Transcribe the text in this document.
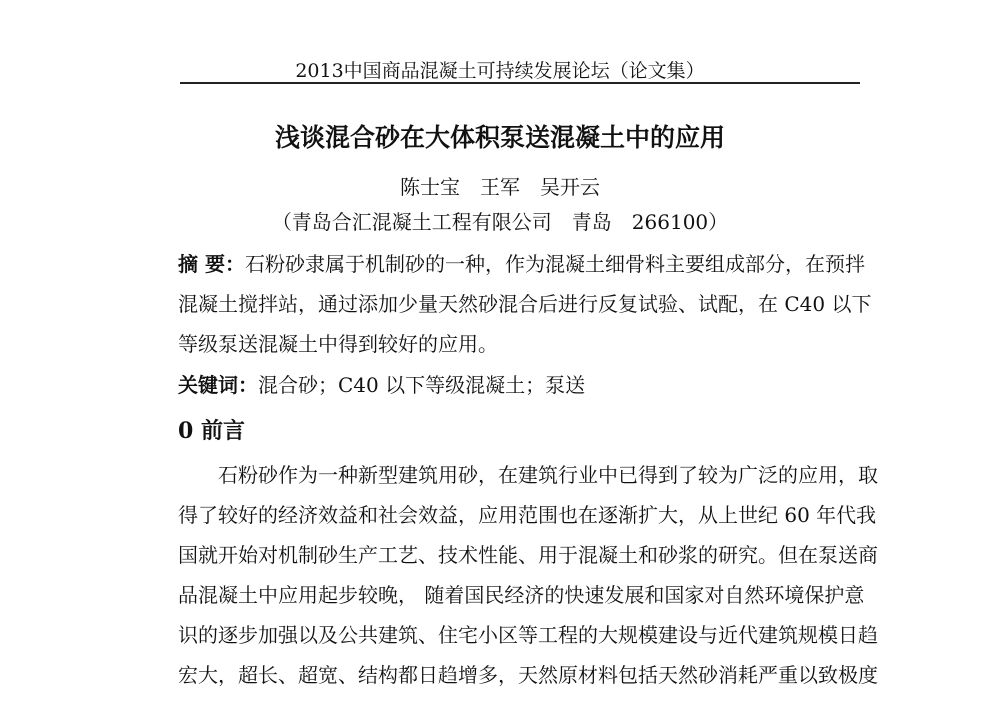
2013中国商品混凝土可持续发展论坛（论文集）
浅谈混合砂在大体积泵送混凝土中的应用
陈士宝　王军　吴开云
（青岛合汇混凝土工程有限公司　青岛　266100）
摘 要：石粉砂隶属于机制砂的一种，作为混凝土细骨料主要组成部分，在预拌
混凝土搅拌站，通过添加少量天然砂混合后进行反复试验、试配，在 C40 以下
等级泵送混凝土中得到较好的应用。
关键词：混合砂；C40 以下等级混凝土；泵送
0 前言
石粉砂作为一种新型建筑用砂，在建筑行业中已得到了较为广泛的应用，取
得了较好的经济效益和社会效益，应用范围也在逐渐扩大，从上世纪 60 年代我
国就开始对机制砂生产工艺、技术性能、用于混凝土和砂浆的研究。但在泵送商
品混凝土中应用起步较晚， 随着国民经济的快速发展和国家对自然环境保护意
识的逐步加强以及公共建筑、住宅小区等工程的大规模建设与近代建筑规模日趋
宏大，超长、超宽、结构都日趋增多，天然原材料包括天然砂消耗严重以致极度
